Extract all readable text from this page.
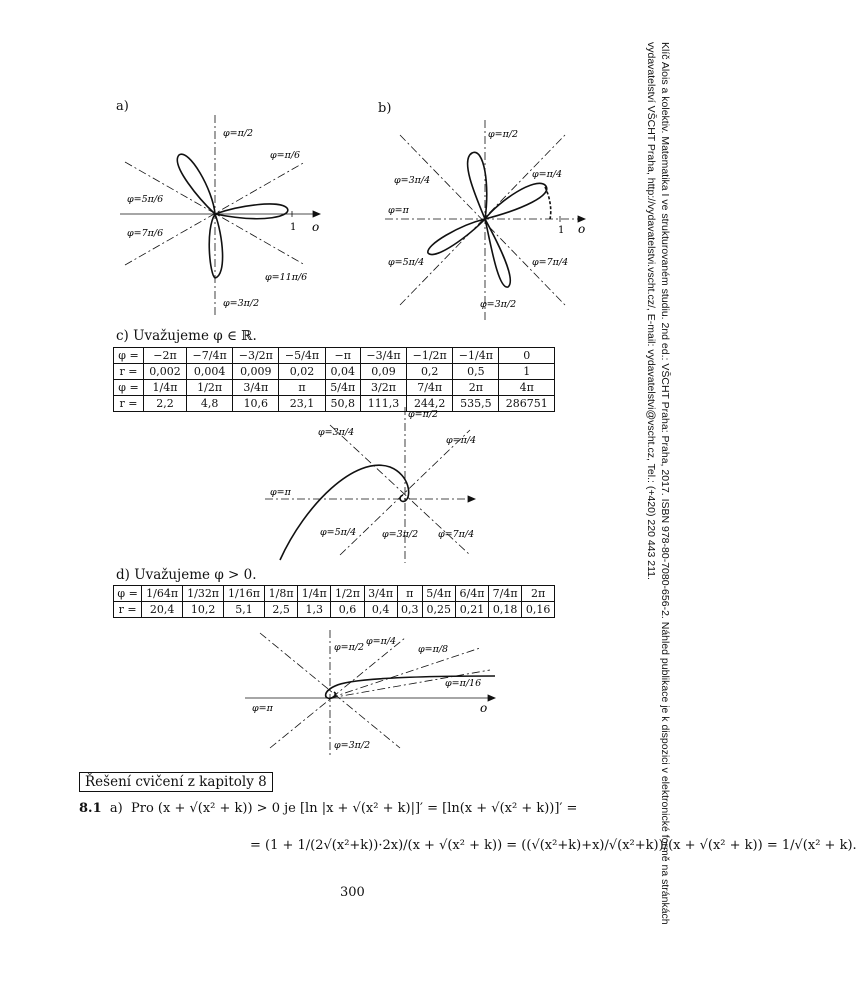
a)
1 o
φ=π/2
φ=π/6
φ=5π/6
φ=7π/6
φ=11π/6
φ=3π/2
b)
1 o
φ=π/2
φ=π/4
φ=3π/4
φ=π
φ=5π/4	φ=7π/4
φ=3π/2
c) Uvažujeme φ ∈ ℝ.
φ =	−2π	−7/4π	−3/2π	−5/4π	−π	−3/4π	−1/2π	−1/4π	0
r =	0,002	0,004	0,009	0,02	0,04	0,09	0,2	0,5	1
φ =	1/4π	1/2π	3/4π	π	5/4π	3/2π	7/4π	2π	4π
r =	2,2	4,8	10,6	23,1	50,8	111,3	244,2	535,5	286751
φ=π/2
φ=3π/4
φ=π/4
φ=π
φ=5π/4	φ=3π/2 φ=7π/4
d) Uvažujeme φ > 0.
φ =	1/64π	1/32π	1/16π	1/8π	1/4π	1/2π	3/4π	π	5/4π	6/4π	7/4π	2π
r =	20,4	10,2	5,1	2,5	1,3	0,6	0,4	0,3	0,25	0,21	0,18	0,16
φ=π/2
φ=π/4
φ=π/8
φ=π/16
φ=π
φ=3π/2
o
Řešení cvičení z kapitoly 8
8.1 a) Pro (x + √(x² + k)) > 0 je [ln |x + √(x² + k)|]′ = [ln(x + √(x² + k))]′ =
= (1 + 1/(2√(x²+k))·2x)/(x + √(x² + k)) = ((√(x²+k)+x)/√(x²+k))/(x + √(x² + k)) = 1/√(x² + k).
300	Klíč Alois a kolektiv. Matematika I ve strukturovaném studiu. 2nd ed.: VŠCHT Praha: Praha, 2017. ISBN 978-80-7080-656-2. Náhled publikace je k dispozici v elektronické formě na stránkách vydavatelství VŠCHT Praha, http://vydavatelstvi.vscht.cz/, E-mail: vydavatelstvi@vscht.cz, Tel.: (+420) 220 443 211.
